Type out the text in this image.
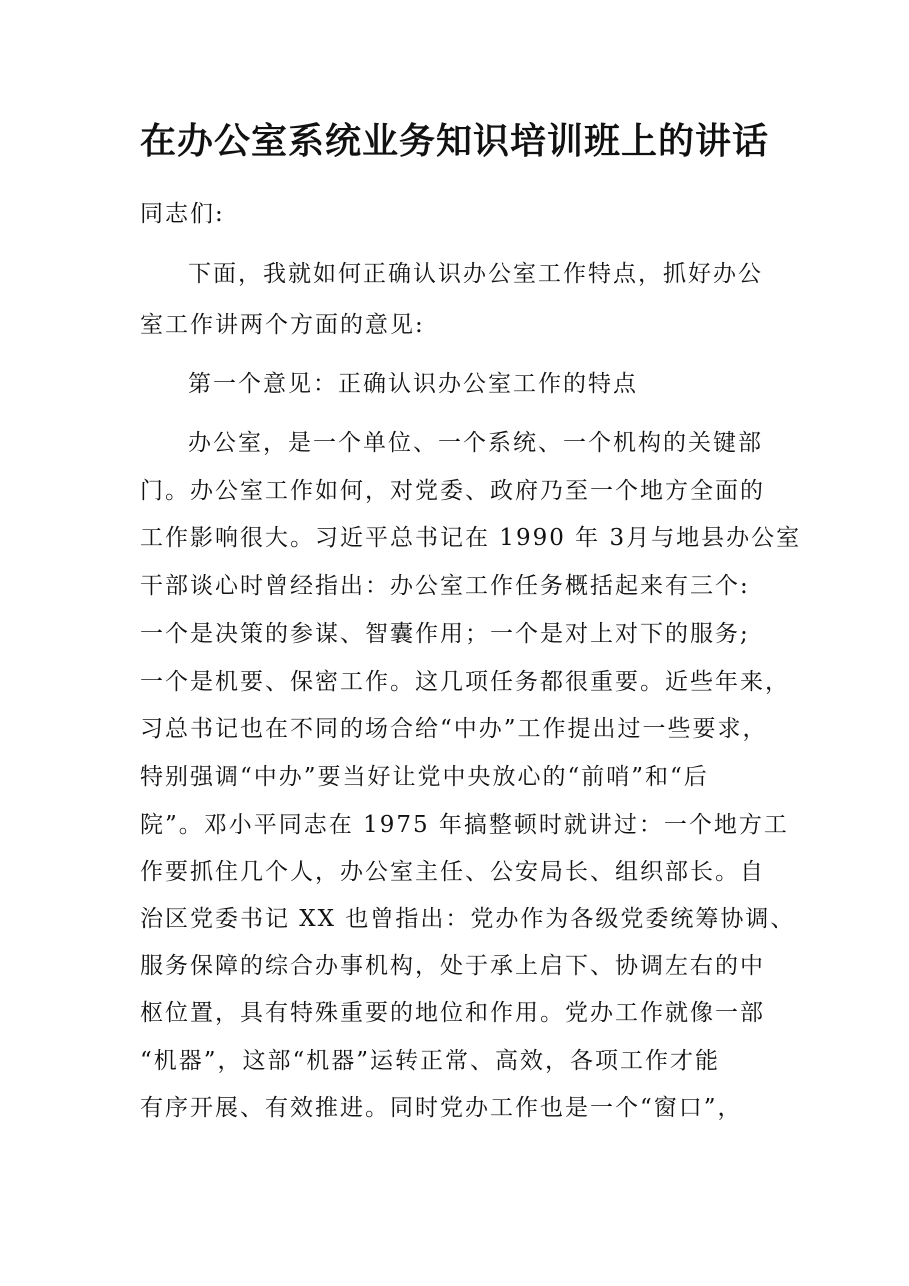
在办公室系统业务知识培训班上的讲话
同志们:
下面，我就如何正确认识办公室工作特点，抓好办公
室工作讲两个方面的意见:
第一个意见：正确认识办公室工作的特点
办公室，是一个单位、一个系统、一个机构的关键部
门。办公室工作如何，对党委、政府乃至一个地方全面的
工作影响很大。习近平总书记在 1990 年 3月与地县办公室
干部谈心时曾经指出：办公室工作任务概括起来有三个:
一个是决策的参谋、智囊作用；一个是对上对下的服务;
一个是机要、保密工作。这几项任务都很重要。近些年来，
习总书记也在不同的场合给“中办”工作提出过一些要求，
特别强调“中办”要当好让党中央放心的“前哨”和“后
院”。邓小平同志在 1975 年搞整顿时就讲过：一个地方工
作要抓住几个人，办公室主任、公安局长、组织部长。自
治区党委书记 XX 也曾指出：党办作为各级党委统筹协调、
服务保障的综合办事机构，处于承上启下、协调左右的中
枢位置，具有特殊重要的地位和作用。党办工作就像一部
“机器”，这部“机器”运转正常、高效，各项工作才能
有序开展、有效推进。同时党办工作也是一个“窗口”，
